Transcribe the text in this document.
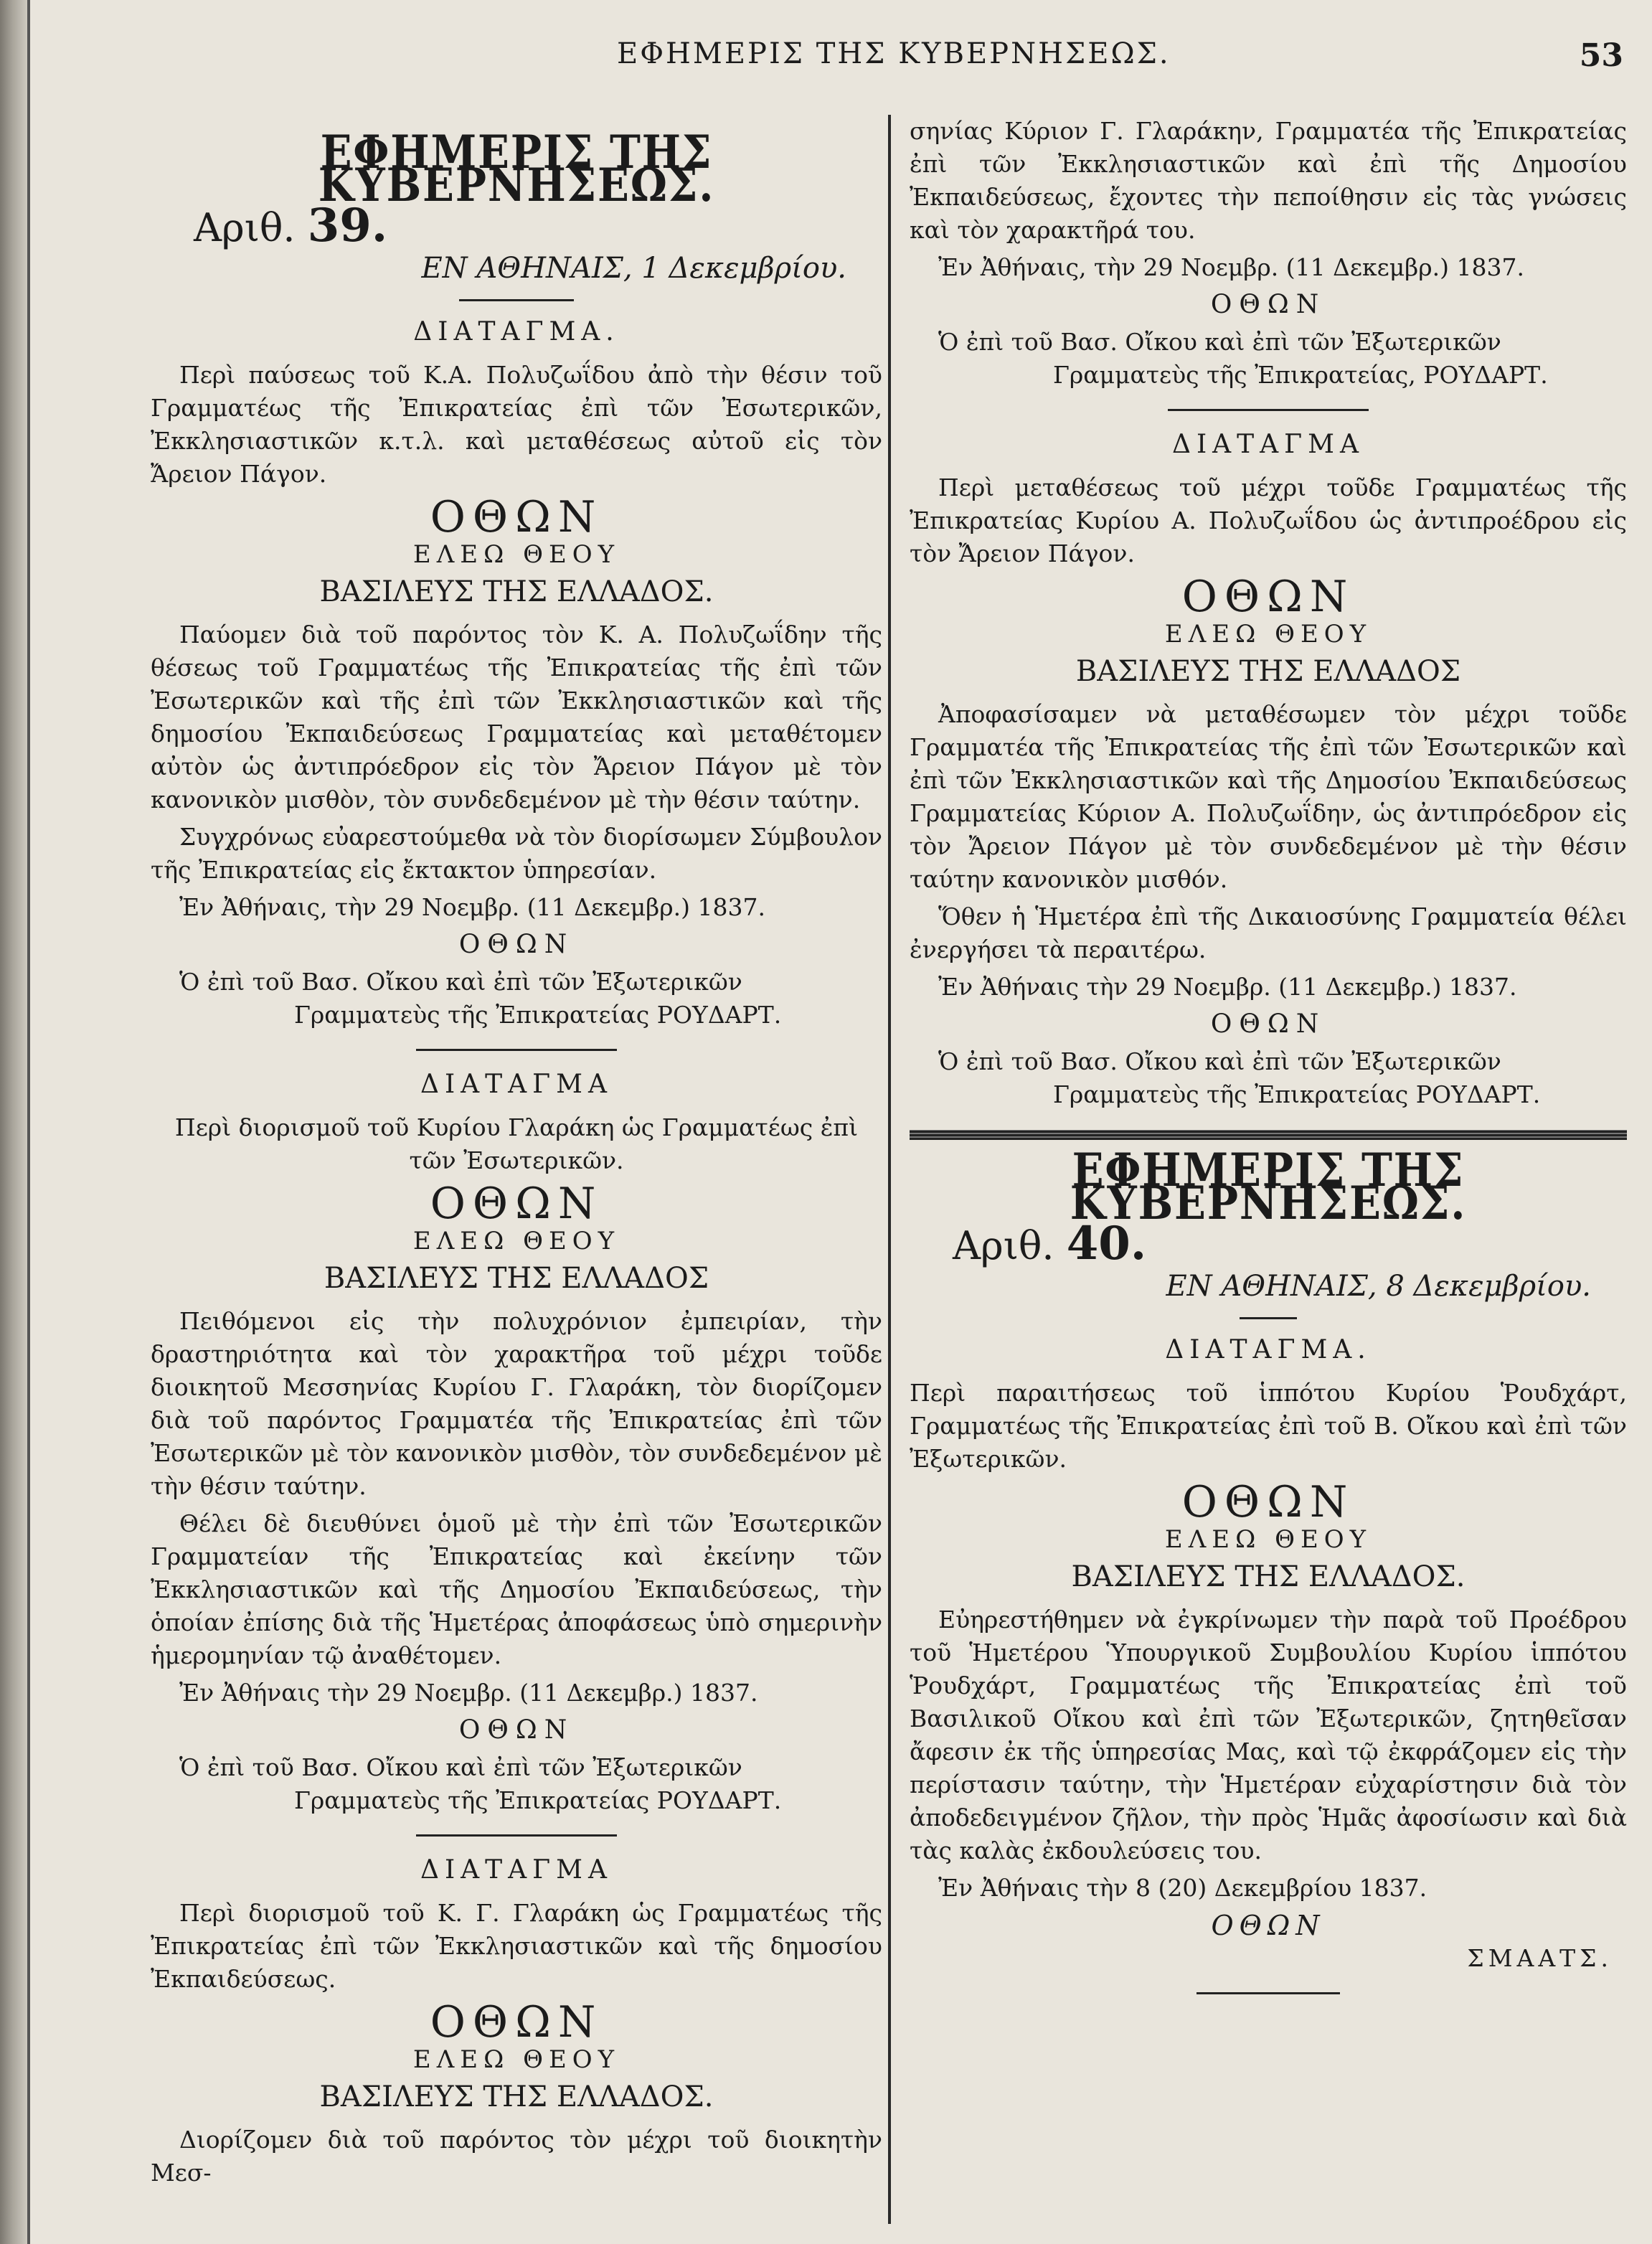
ΕΦΗΜΕΡΙΣ ΤΗΣ ΚΥΒΕΡΝΗΣΕΩΣ.	53
ΕΦΗΜΕΡΙΣ ΤΗΣ ΚΥΒΕΡΝΗΣΕΩΣ.
Αριθ. 39.
ΕΝ ΑΘΗΝΑΙΣ, 1 Δεκεμβρίου.
ΔΙΑΤΑΓΜΑ.

Περὶ παύσεως τοῦ Κ.Α. Πολυζωΐδου ἀπὸ τὴν θέσιν τοῦ Γραμματέως τῆς Ἐπικρατείας ἐπὶ τῶν Ἐσωτερικῶν, Ἐκκλησιαστικῶν κ.τ.λ. καὶ μεταθέσεως αὐτοῦ εἰς τὸν Ἄρειον Πάγον.

ΟΘΩΝ
ΕΛΕΩ ΘΕΟΥ
ΒΑΣΙΛΕΥΣ ΤΗΣ ΕΛΛΑΔΟΣ.

Παύομεν διὰ τοῦ παρόντος τὸν Κ. Α. Πολυζωΐδην τῆς θέσεως τοῦ Γραμματέως τῆς Ἐπικρατείας τῆς ἐπὶ τῶν Ἐσωτερικῶν καὶ τῆς ἐπὶ τῶν Ἐκκλησιαστικῶν καὶ τῆς δημοσίου Ἐκπαιδεύσεως Γραμματείας καὶ μεταθέτομεν αὐτὸν ὡς ἀντιπρόεδρον εἰς τὸν Ἄρειον Πάγον μὲ τὸν κανονικὸν μισθὸν, τὸν συνδεδεμένον μὲ τὴν θέσιν ταύτην.

Συγχρόνως εὐαρεστούμεθα νὰ τὸν διορίσωμεν Σύμβουλον τῆς Ἐπικρατείας εἰς ἔκτακτον ὑπηρεσίαν.

Ἐν Ἀθήναις, τὴν 29 Νοεμβρ. (11 Δεκεμβρ.) 1837.

ΟΘΩΝ
Ὁ ἐπὶ τοῦ Βασ. Οἴκου καὶ ἐπὶ τῶν Ἐξωτερικῶν
Γραμματεὺς τῆς Ἐπικρατείας ΡΟΥΔΑΡΤ.
ΔΙΑΤΑΓΜΑ

Περὶ διορισμοῦ τοῦ Κυρίου Γλαράκη ὡς Γραμματέως ἐπὶ τῶν Ἐσωτερικῶν.

ΟΘΩΝ
ΕΛΕΩ ΘΕΟΥ
ΒΑΣΙΛΕΥΣ ΤΗΣ ΕΛΛΑΔΟΣ

Πειθόμενοι εἰς τὴν πολυχρόνιον ἐμπειρίαν, τὴν δραστηριότητα καὶ τὸν χαρακτῆρα τοῦ μέχρι τοῦδε διοικητοῦ Μεσσηνίας Κυρίου Γ. Γλαράκη, τὸν διορίζομεν διὰ τοῦ παρόντος Γραμματέα τῆς Ἐπικρατείας ἐπὶ τῶν Ἐσωτερικῶν μὲ τὸν κανονικὸν μισθὸν, τὸν συνδεδεμένον μὲ τὴν θέσιν ταύτην.

Θέλει δὲ διευθύνει ὁμοῦ μὲ τὴν ἐπὶ τῶν Ἐσωτερικῶν Γραμματείαν τῆς Ἐπικρατείας καὶ ἐκείνην τῶν Ἐκκλησιαστικῶν καὶ τῆς Δημοσίου Ἐκπαιδεύσεως, τὴν ὁποίαν ἐπίσης διὰ τῆς Ἡμετέρας ἀποφάσεως ὑπὸ σημερινὴν ἡμερομηνίαν τῷ ἀναθέτομεν.

Ἐν Ἀθήναις τὴν 29 Νοεμβρ. (11 Δεκεμβρ.) 1837.

ΟΘΩΝ
Ὁ ἐπὶ τοῦ Βασ. Οἴκου καὶ ἐπὶ τῶν Ἐξωτερικῶν
Γραμματεὺς τῆς Ἐπικρατείας ΡΟΥΔΑΡΤ.
ΔΙΑΤΑΓΜΑ

Περὶ διορισμοῦ τοῦ Κ. Γ. Γλαράκη ὡς Γραμματέως τῆς Ἐπικρατείας ἐπὶ τῶν Ἐκκλησιαστικῶν καὶ τῆς δημοσίου Ἐκπαιδεύσεως.

ΟΘΩΝ
ΕΛΕΩ ΘΕΟΥ
ΒΑΣΙΛΕΥΣ ΤΗΣ ΕΛΛΑΔΟΣ.

Διορίζομεν διὰ τοῦ παρόντος τὸν μέχρι τοῦ διοικητὴν Μεσ-

σηνίας Κύριον Γ. Γλαράκην, Γραμματέα τῆς Ἐπικρατείας ἐπὶ τῶν Ἐκκλησιαστικῶν καὶ ἐπὶ τῆς Δημοσίου Ἐκπαιδεύσεως, ἔχοντες τὴν πεποίθησιν εἰς τὰς γνώσεις καὶ τὸν χαρακτῆρά του.

Ἐν Ἀθήναις, τὴν 29 Νοεμβρ. (11 Δεκεμβρ.) 1837.

ΟΘΩΝ
Ὁ ἐπὶ τοῦ Βασ. Οἴκου καὶ ἐπὶ τῶν Ἐξωτερικῶν
Γραμματεὺς τῆς Ἐπικρατείας, ΡΟΥΔΑΡΤ.
ΔΙΑΤΑΓΜΑ

Περὶ μεταθέσεως τοῦ μέχρι τοῦδε Γραμματέως τῆς Ἐπικρατείας Κυρίου Α. Πολυζωΐδου ὡς ἀντιπροέδρου εἰς τὸν Ἄρειον Πάγον.

ΟΘΩΝ
ΕΛΕΩ ΘΕΟΥ
ΒΑΣΙΛΕΥΣ ΤΗΣ ΕΛΛΑΔΟΣ

Ἀποφασίσαμεν νὰ μεταθέσωμεν τὸν μέχρι τοῦδε Γραμματέα τῆς Ἐπικρατείας τῆς ἐπὶ τῶν Ἐσωτερικῶν καὶ ἐπὶ τῶν Ἐκκλησιαστικῶν καὶ τῆς Δημοσίου Ἐκπαιδεύσεως Γραμματείας Κύριον Α. Πολυζωΐδην, ὡς ἀντιπρόεδρον εἰς τὸν Ἄρειον Πάγον μὲ τὸν συνδεδεμένον μὲ τὴν θέσιν ταύτην κανονικὸν μισθόν.

Ὅθεν ἡ Ἡμετέρα ἐπὶ τῆς Δικαιοσύνης Γραμματεία θέλει ἐνεργήσει τὰ περαιτέρω.

Ἐν Ἀθήναις τὴν 29 Νοεμβρ. (11 Δεκεμβρ.) 1837.

ΟΘΩΝ
Ὁ ἐπὶ τοῦ Βασ. Οἴκου καὶ ἐπὶ τῶν Ἐξωτερικῶν
Γραμματεὺς τῆς Ἐπικρατείας ΡΟΥΔΑΡΤ.
ΕΦΗΜΕΡΙΣ ΤΗΣ ΚΥΒΕΡΝΗΣΕΩΣ.
Αριθ. 40.
ΕΝ ΑΘΗΝΑΙΣ, 8 Δεκεμβρίου.
ΔΙΑΤΑΓΜΑ.

Περὶ παραιτήσεως τοῦ ἱππότου Κυρίου Ῥουδχάρτ, Γραμματέως τῆς Ἐπικρατείας ἐπὶ τοῦ Β. Οἴκου καὶ ἐπὶ τῶν Ἐξωτερικῶν.

ΟΘΩΝ
ΕΛΕΩ ΘΕΟΥ
ΒΑΣΙΛΕΥΣ ΤΗΣ ΕΛΛΑΔΟΣ.

Εὐηρεστήθημεν νὰ ἐγκρίνωμεν τὴν παρὰ τοῦ Προέδρου τοῦ Ἡμετέρου Ὑπουργικοῦ Συμβουλίου Κυρίου ἱππότου Ῥουδχάρτ, Γραμματέως τῆς Ἐπικρατείας ἐπὶ τοῦ Βασιλικοῦ Οἴκου καὶ ἐπὶ τῶν Ἐξωτερικῶν, ζητηθεῖσαν ἄφεσιν ἐκ τῆς ὑπηρεσίας Μας, καὶ τῷ ἐκφράζομεν εἰς τὴν περίστασιν ταύτην, τὴν Ἡμετέραν εὐχαρίστησιν διὰ τὸν ἀποδεδειγμένον ζῆλον, τὴν πρὸς Ἡμᾶς ἀφοσίωσιν καὶ διὰ τὰς καλὰς ἐκδουλεύσεις του.

Ἐν Ἀθήναις τὴν 8 (20) Δεκεμβρίου 1837.

ΟΘΩΝ
ΣΜΑΑΤΣ.
